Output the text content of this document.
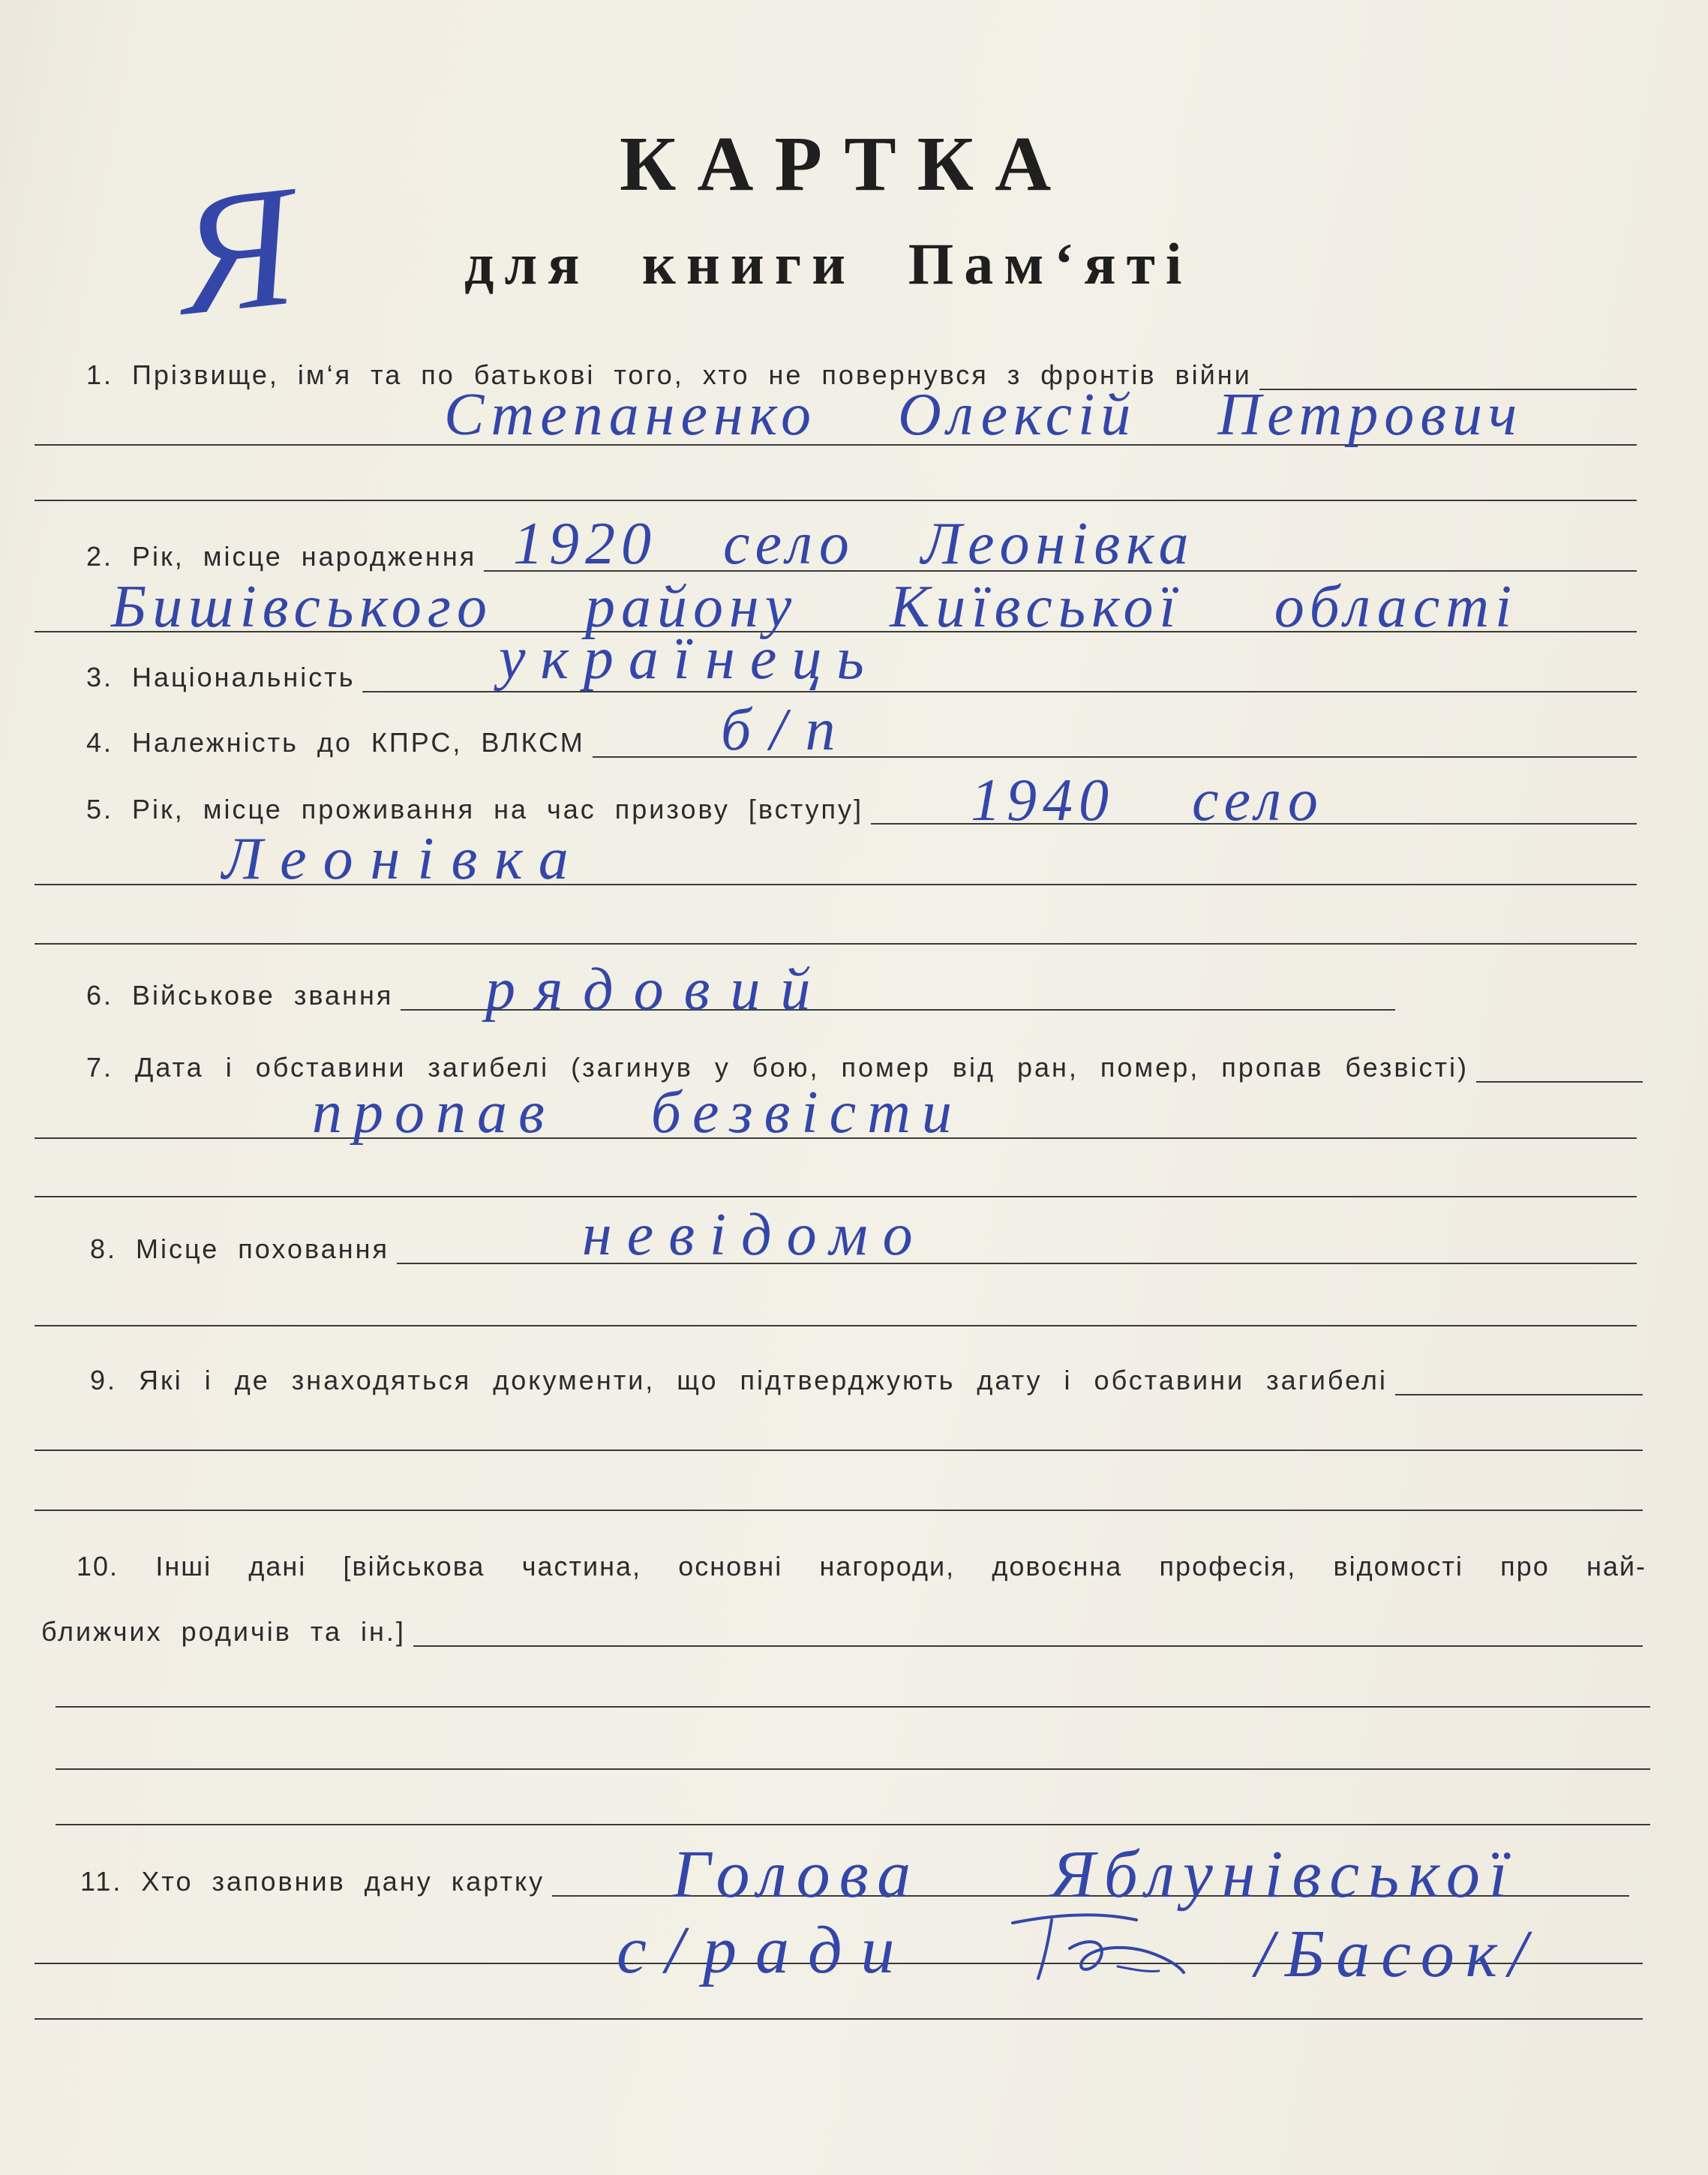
Я	КАРТКА
для книги Пам‘яті
1. Прізвище, ім‘я та по батькові того, хто не повернувся з фронтів війни
Степаненко Олексій Петрович
2. Рік, місце народження 1920 село Леонівка
Бишівського району Київської області
3. Національність українець
4. Належність до КПРС, ВЛКСМ б/п
5. Рік, місце проживання на час призову [вступу] 1940 село
Леонівка
6. Військове звання рядовий
7. Дата і обставини загибелі (загинув у бою, помер від ран, помер, пропав безвісті)
пропав безвісти
8. Місце поховання	невідомо
9. Які і де знаходяться документи, що підтверджують дату і обставини загибелі
10. Інші дані [військова частина, основні нагороди, довоєнна професія, відомості про най-
ближчих родичів та ін.]
11. Хто заповнив дану картку Голова Яблунівської
с/ради	/Басок/
